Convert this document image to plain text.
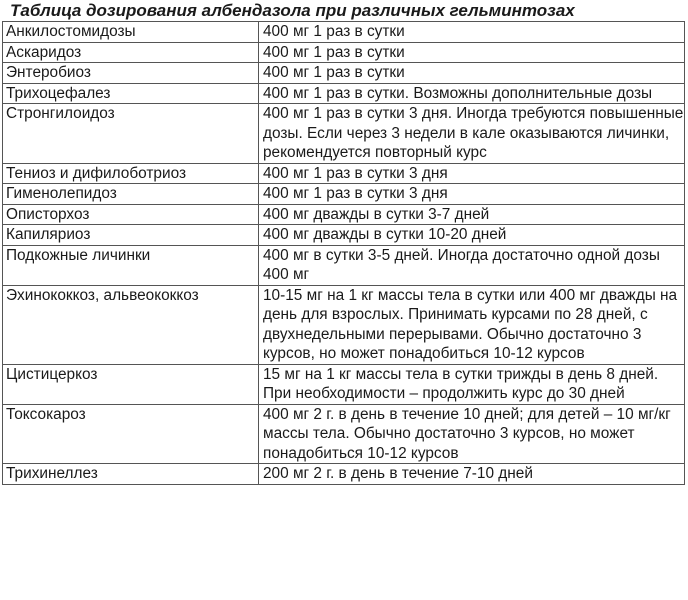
Таблица дозирования албендазола при различных гельминтозах
Анкилостомидозы	400 мг 1 раз в сутки
Аскаридоз	400 мг 1 раз в сутки
Энтеробиоз	400 мг 1 раз в сутки
Трихоцефалез	400 мг 1 раз в сутки. Возможны дополнительные дозы
Стронгилоидоз	400 мг 1 раз в сутки 3 дня. Иногда требуются повышенные дозы. Если через 3 недели в кале оказываются личинки, рекомендуется повторный курс
Тениоз и дифилоботриоз	400 мг 1 раз в сутки 3 дня
Гименолепидоз	400 мг 1 раз в сутки 3 дня
Описторхоз	400 мг дважды в сутки 3-7 дней
Капиляриоз	400 мг дважды в сутки 10-20 дней
Подкожные личинки	400 мг в сутки 3-5 дней. Иногда достаточно одной дозы 400 мг
Эхинококкоз, альвеококкоз	10-15 мг на 1 кг массы тела в сутки или 400 мг дважды на день для взрослых. Принимать курсами по 28 дней, с двухнедельными перерывами. Обычно достаточно 3 курсов, но может понадобиться 10-12 курсов
Цистицеркоз	15 мг на 1 кг массы тела в сутки трижды в день 8 дней. При необходимости – продолжить курс до 30 дней
Токсокароз	400 мг 2 г. в день в течение 10 дней; для детей – 10 мг/кг массы тела. Обычно достаточно 3 курсов, но может понадобиться 10-12 курсов
Трихинеллез	200 мг 2 г. в день в течение 7-10 дней
